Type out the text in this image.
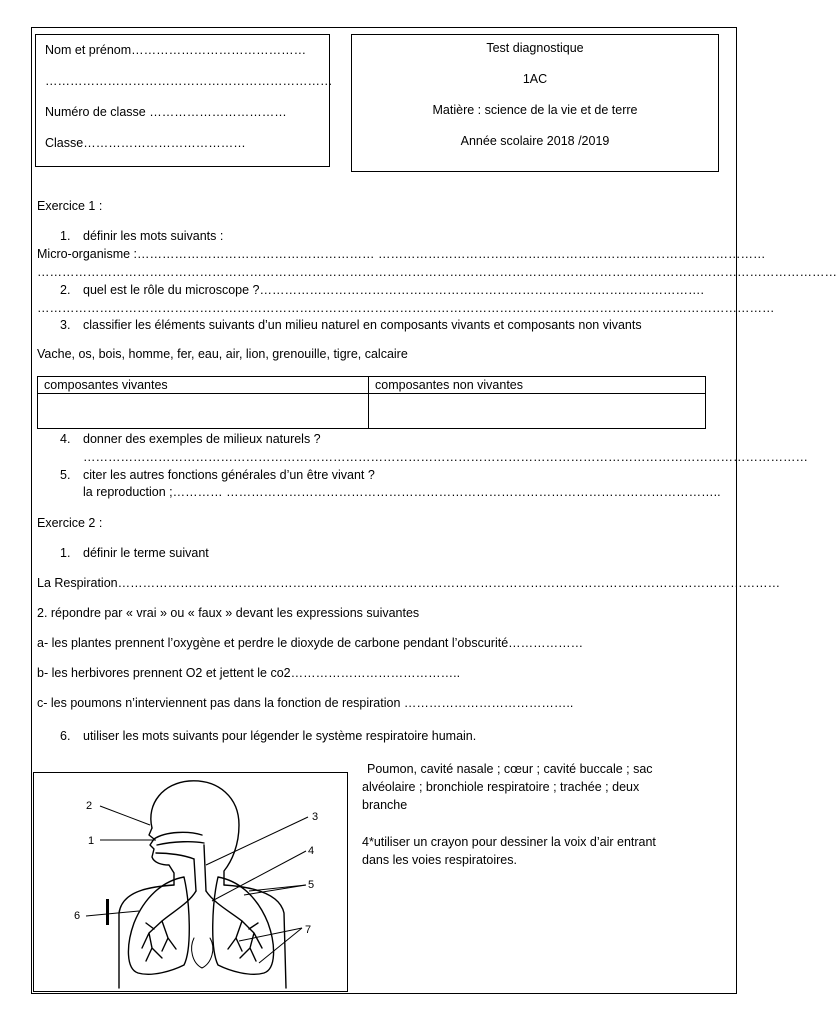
Nom et prénom……………………………………
……………………………………………………………
Numéro de classe ……………………………
Classe…………………………………
Test diagnostique
1AC
Matière : science de la vie et de terre
Année scolaire 2018 /2019
Exercice 1 :
1. définir les mots suivants :
Micro-organisme :………………………………………………… …………………………………………………………………………………
…………………………………………………………………………………………………………………………………………………………………………
2. quel est le rôle du microscope ?…………………………………………………………………………….……………….
……………………………………………………………………………………………………………………………………………………………
3. classifier les éléments suivants d’un milieu naturel en composants vivants et composants non vivants
Vache, os, bois, homme, fer, eau, air, lion, grenouille, tigre, calcaire
composantes vivantes	composantes non vivantes

4. donner des exemples de milieux naturels ?
…………………………………………………………………………………………………………………………………………………………
5. citer les autres fonctions générales d’un être vivant ?
la reproduction ;………… ………………………………………………………………………………………………………..
Exercice 2 :
1. définir le terme suivant
La Respiration……………………………………………………………………………………………………………………………………………
2. répondre par « vrai » ou « faux » devant les expressions suivantes
a- les plantes prennent l’oxygène et perdre le dioxyde de carbone pendant l’obscurité………………
b- les herbivores prennent O2 et jettent le co2…………………………………..
c- les poumons n’interviennent pas dans la fonction de respiration …………………………………..
6. utiliser les mots suivants pour légender le système respiratoire humain.
Poumon, cavité nasale ; cœur ; cavité buccale ; sac
alvéolaire ; bronchiole respiratoire ; trachée ; deux
branche
4*utiliser un crayon pour dessiner la voix d’air entrant
dans les voies respiratoires.
2
1
6
3
4
5
7
